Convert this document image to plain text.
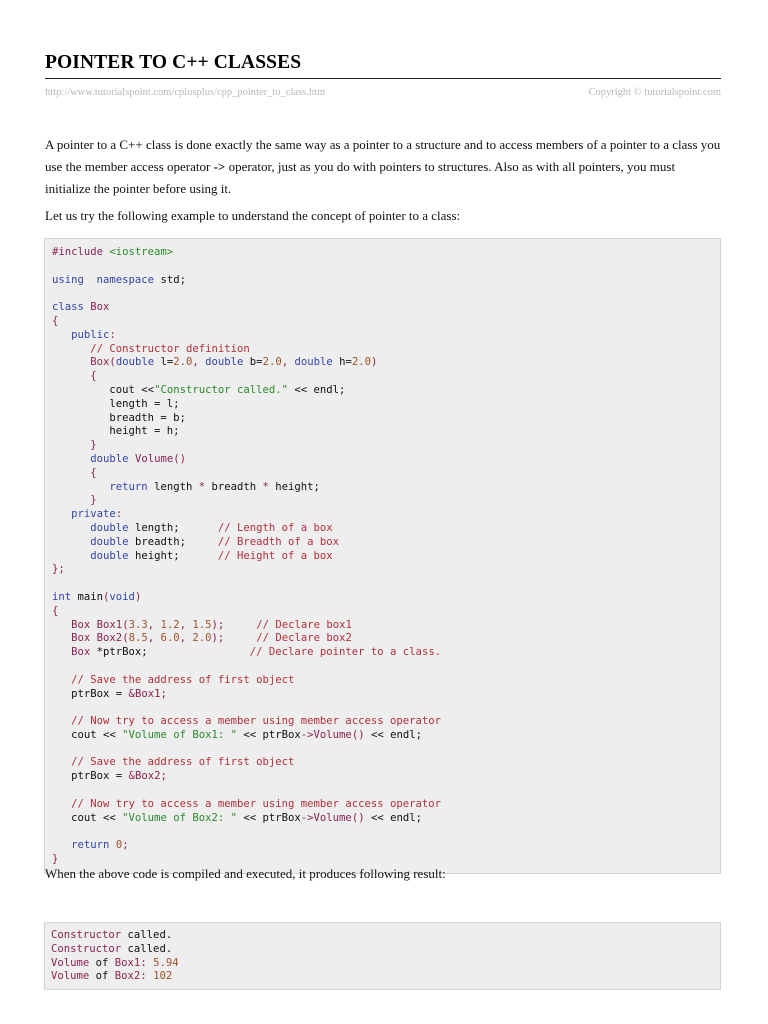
POINTER TO C++ CLASSES
http://www.tutorialspoint.com/cplusplus/cpp_pointer_to_class.htm	Copyright © tutorialspoint.com

A pointer to a C++ class is done exactly the same way as a pointer to a structure and to access members of a pointer to a class you use the member access operator -> operator, just as you do with pointers to structures. Also as with all pointers, you must initialize the pointer before using it.

Let us try the following example to understand the concept of pointer to a class:

#include <iostream>
using namespace std;
class Box
{
public:
// Constructor definition
Box(double l=2.0, double b=2.0, double h=2.0)
{
cout <<"Constructor called." << endl;
length = l;
breadth = b;
height = h;
}
double Volume()
{
return length * breadth * height;
}
private:
double length;      // Length of a box
double breadth;     // Breadth of a box
double height;      // Height of a box
};
int main(void)
{
Box Box1(3.3, 1.2, 1.5);	// Declare box1
Box Box2(8.5, 6.0, 2.0);	// Declare box2
Box *ptrBox;                // Declare pointer to a class.
// Save the address of first object
ptrBox = &Box1;
// Now try to access a member using member access operator
cout << "Volume of Box1: " << ptrBox->Volume() << endl;
// Save the address of first object
ptrBox = &Box2;
// Now try to access a member using member access operator
cout << "Volume of Box2: " << ptrBox->Volume() << endl;
return 0;
}

When the above code is compiled and executed, it produces following result:

Constructor called.
Constructor called.
Volume of Box1: 5.94
Volume of Box2: 102
